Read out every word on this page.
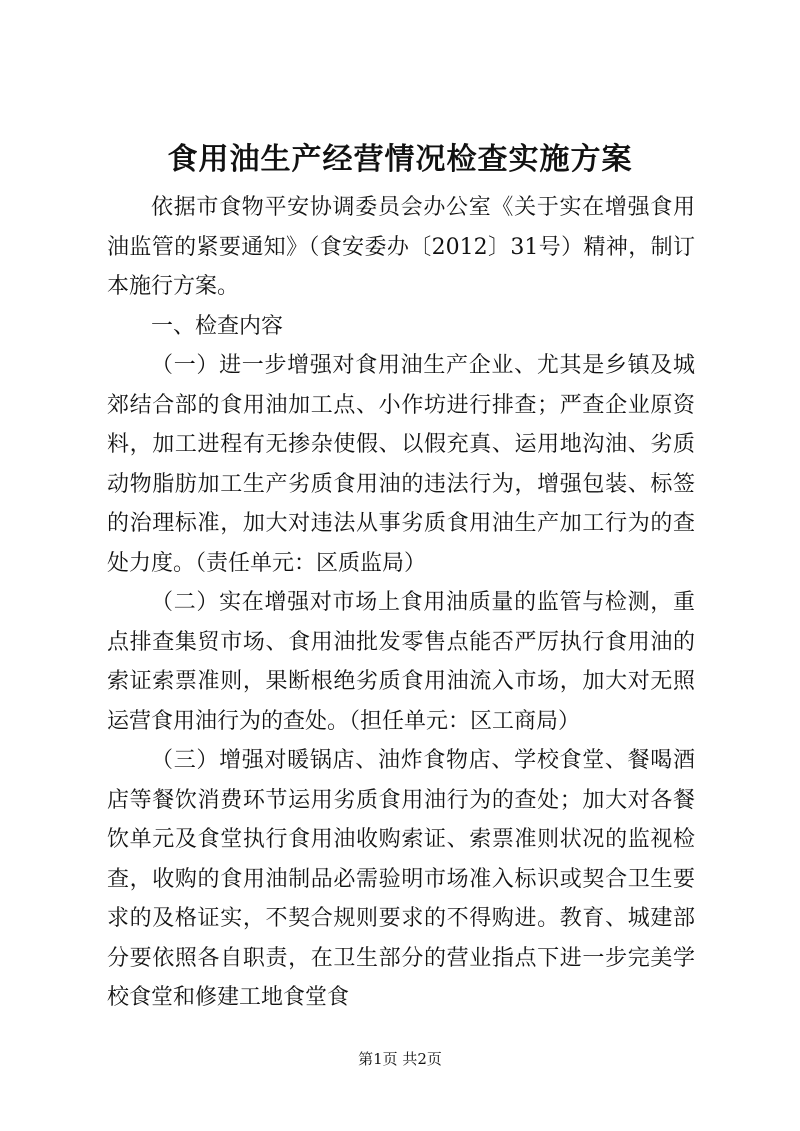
食用油生产经营情况检查实施方案

依据市食物平安协调委员会办公室《关于实在增强食用油监管的紧要通知》（食安委办〔2012〕31号）精神，制订本施行方案。

一、检查内容

（一）进一步增强对食用油生产企业、尤其是乡镇及城郊结合部的食用油加工点、小作坊进行排查；严查企业原资料，加工进程有无掺杂使假、以假充真、运用地沟油、劣质动物脂肪加工生产劣质食用油的违法行为，增强包装、标签的治理标准，加大对违法从事劣质食用油生产加工行为的查处力度。（责任单元：区质监局）

（二）实在增强对市场上食用油质量的监管与检测，重点排查集贸市场、食用油批发零售点能否严厉执行食用油的索证索票准则，果断根绝劣质食用油流入市场，加大对无照运营食用油行为的查处。（担任单元：区工商局）

（三）增强对暖锅店、油炸食物店、学校食堂、餐喝酒店等餐饮消费环节运用劣质食用油行为的查处；加大对各餐饮单元及食堂执行食用油收购索证、索票准则状况的监视检查，收购的食用油制品必需验明市场准入标识或契合卫生要求的及格证实，不契合规则要求的不得购进。教育、城建部分要依照各自职责，在卫生部分的营业指点下进一步完美学校食堂和修建工地食堂食

第1页 共2页
